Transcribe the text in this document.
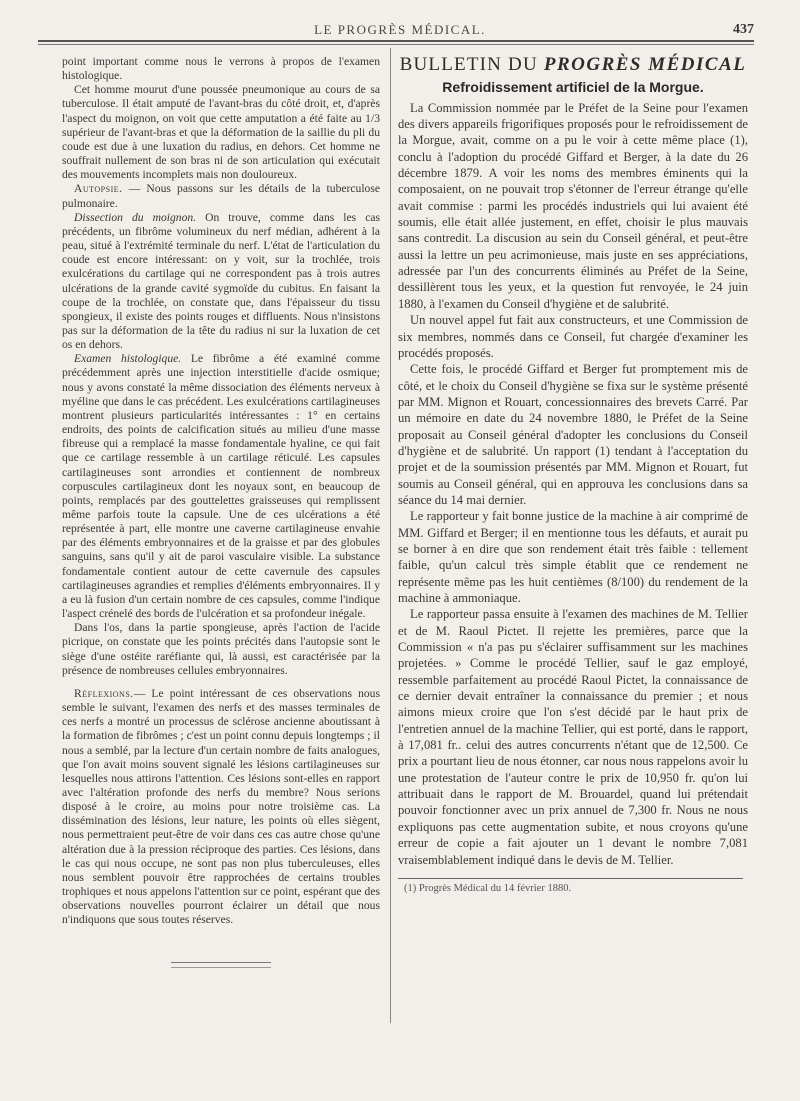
LE PROGRÈS MÉDICAL.	437

point important comme nous le verrons à propos de l'examen histologique.

Cet homme mourut d'une poussée pneumonique au cours de sa tuberculose. Il était amputé de l'avant-bras du côté droit, et, d'après l'aspect du moignon, on voit que cette amputation a été faite au 1/3 supérieur de l'avant-bras et que la déformation de la saillie du pli du coude est due à une luxation du radius, en dehors. Cet homme ne souffrait nullement de son bras ni de son articulation qui exécutait des mouvements incomplets mais non douloureux.

Autopsie. — Nous passons sur les détails de la tuberculose pulmonaire.

Dissection du moignon. On trouve, comme dans les cas précédents, un fibrôme volumineux du nerf médian, adhérent à la peau, situé à l'extrémité terminale du nerf. L'état de l'articulation du coude est encore intéressant: on y voit, sur la trochlée, trois exulcérations du cartilage qui ne correspondent pas à trois autres ulcérations de la grande cavité sygmoïde du cubitus. En faisant la coupe de la trochlée, on constate que, dans l'épaisseur du tissu spongieux, il existe des points rouges et diffluents. Nous n'insistons pas sur la déformation de la tête du radius ni sur la luxation de cet os en dehors.

Examen histologique. Le fibrôme a été examiné comme précédemment après une injection interstitielle d'acide osmique; nous y avons constaté la même dissociation des éléments nerveux à myéline que dans le cas précédent. Les exulcérations cartilagineuses montrent plusieurs particularités intéressantes : 1° en certains endroits, des points de calcification situés au milieu d'une masse fibreuse qui a remplacé la masse fondamentale hyaline, ce qui fait que ce cartilage ressemble à un cartilage réticulé. Les capsules cartilagineuses sont arrondies et contiennent de nombreux corpuscules cartilagineux dont les noyaux sont, en beaucoup de points, remplacés par des gouttelettes graisseuses qui remplissent même parfois toute la capsule. Une de ces ulcérations a été représentée à part, elle montre une caverne cartilagineuse envahie par des éléments embryonnaires et de la graisse et par des globules sanguins, sans qu'il y ait de paroi vasculaire visible. La substance fondamentale contient autour de cette cavernule des capsules cartilagineuses agrandies et remplies d'éléments embryonnaires. Il y a eu là fusion d'un certain nombre de ces capsules, comme l'indique l'aspect crénelé des bords de l'ulcération et sa profondeur inégale.

Dans l'os, dans la partie spongieuse, après l'action de l'acide picrique, on constate que les points précités dans l'autopsie sont le siège d'une ostéite raréfiante qui, là aussi, est caractérisée par la présence de nombreuses cellules embryonnaires.

Réflexions.— Le point intéressant de ces observations nous semble le suivant, l'examen des nerfs et des masses terminales de ces nerfs a montré un processus de sclérose ancienne aboutissant à la formation de fibrômes ; c'est un point connu depuis longtemps ; il nous a semblé, par la lecture d'un certain nombre de faits analogues, que l'on avait moins souvent signalé les lésions cartilagineuses sur lesquelles nous attirons l'attention. Ces lésions sont-elles en rapport avec l'altération profonde des nerfs du membre? Nous serions disposé à le croire, au moins pour notre troisième cas. La dissémination des lésions, leur nature, les points où elles siègent, nous permettraient peut-être de voir dans ces cas autre chose qu'une altération due à la pression réciproque des parties. Ces lésions, dans le cas qui nous occupe, ne sont pas non plus tuberculeuses, elles nous semblent pouvoir être rapprochées de certains troubles trophiques et nous appelons l'attention sur ce point, espérant que des observations nouvelles pourront éclairer un détail que nous n'indiquons que sous toutes réserves.

BULLETIN DU PROGRÈS MÉDICAL
Refroidissement artificiel de la Morgue.

La Commission nommée par le Préfet de la Seine pour l'examen des divers appareils frigorifiques proposés pour le refroidissement de la Morgue, avait, comme on a pu le voir à cette même place (1), conclu à l'adoption du procédé Giffard et Berger, à la date du 26 décembre 1879. A voir les noms des membres éminents qui la composaient, on ne pouvait trop s'étonner de l'erreur étrange qu'elle avait commise : parmi les procédés industriels qui lui avaient été soumis, elle était allée justement, en effet, choisir le plus mauvais sans contredit. La discusion au sein du Conseil général, et peut-être aussi la lettre un peu acrimonieuse, mais juste en ses appréciations, adressée par l'un des concurrents éliminés au Préfet de la Seine, dessillèrent tous les yeux, et la question fut renvoyée, le 24 juin 1880, à l'examen du Conseil d'hygiène et de salubrité.

Un nouvel appel fut fait aux constructeurs, et une Commission de six membres, nommés dans ce Conseil, fut chargée d'examiner les procédés proposés.

Cette fois, le procédé Giffard et Berger fut promptement mis de côté, et le choix du Conseil d'hygiène se fixa sur le système présenté par MM. Mignon et Rouart, concessionnaires des brevets Carré. Par un mémoire en date du 24 novembre 1880, le Préfet de la Seine proposait au Conseil général d'adopter les conclusions du Conseil d'hygiène et de salubrité. Un rapport (1) tendant à l'acceptation du projet et de la soumission présentés par MM. Mignon et Rouart, fut soumis au Conseil général, qui en approuva les conclusions dans sa séance du 14 mai dernier.

Le rapporteur y fait bonne justice de la machine à air comprimé de MM. Giffard et Berger; il en mentionne tous les défauts, et aurait pu se borner à en dire que son rendement était très faible : tellement faible, qu'un calcul très simple établit que ce rendement ne représente même pas les huit centièmes (8/100) du rendement de la machine à ammoniaque.

Le rapporteur passa ensuite à l'examen des machines de M. Tellier et de M. Raoul Pictet. Il rejette les premières, parce que la Commission « n'a pas pu s'éclairer suffisamment sur les machines projetées. » Comme le procédé Tellier, sauf le gaz employé, ressemble parfaitement au procédé Raoul Pictet, la connaissance de ce dernier devait entraîner la connaissance du premier ; et nous aimons mieux croire que l'on s'est décidé par le haut prix de l'entretien annuel de la machine Tellier, qui est porté, dans le rapport, à 17,081 fr.. celui des autres concurrents n'étant que de 12,500. Ce prix a pourtant lieu de nous étonner, car nous nous rappelons avoir lu une protestation de l'auteur contre le prix de 10,950 fr. qu'on lui attribuait dans le rapport de M. Brouardel, quand lui prétendait pouvoir fonctionner avec un prix annuel de 7,300 fr. Nous ne nous expliquons pas cette augmentation subite, et nous croyons qu'une erreur de copie a fait ajouter un 1 devant le nombre 7,081 vraisemblablement indiqué dans le devis de M. Tellier.

(1) Progrès Médical du 14 février 1880.
